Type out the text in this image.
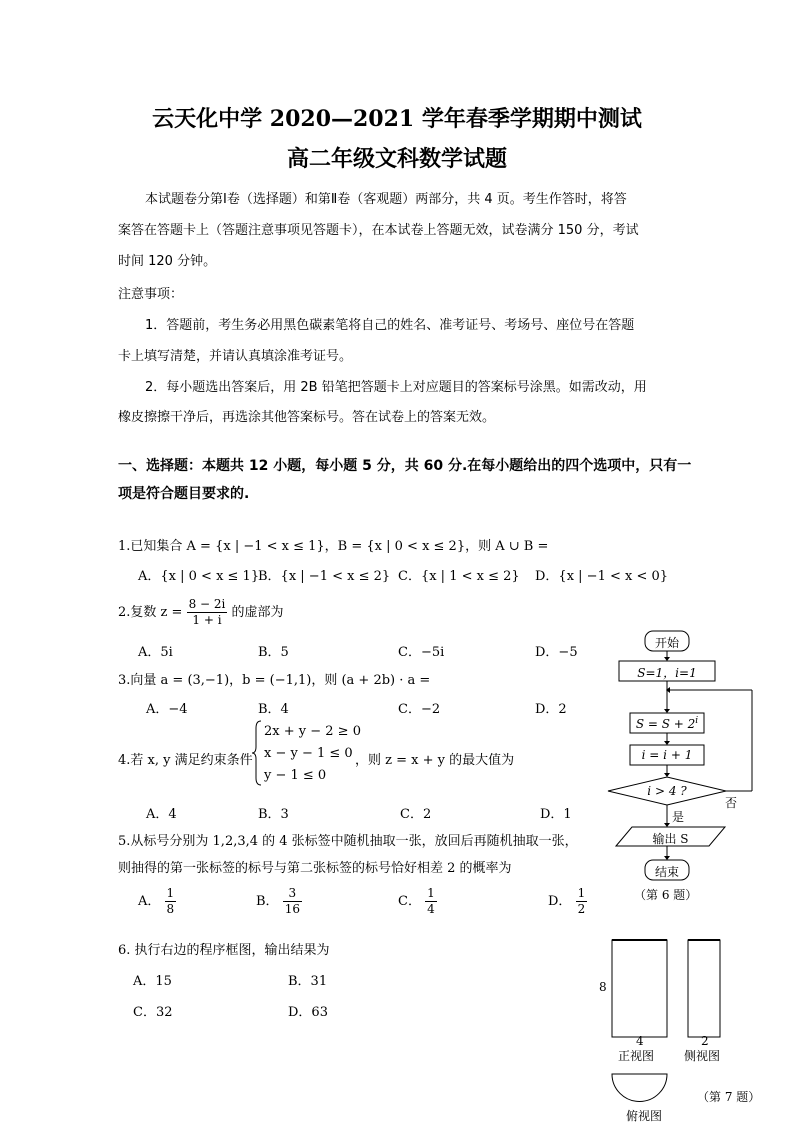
云天化中学 2020—2021 学年春季学期期中测试
高二年级文科数学试题
本试题卷分第Ⅰ卷（选择题）和第Ⅱ卷（客观题）两部分，共 4 页。考生作答时，将答
案答在答题卡上（答题注意事项见答题卡），在本试卷上答题无效，试卷满分 150 分，考试
时间 120 分钟。
注意事项：
1．答题前，考生务必用黑色碳素笔将自己的姓名、准考证号、考场号、座位号在答题
卡上填写清楚，并请认真填涂准考证号。
2．每小题选出答案后，用 2B 铅笔把答题卡上对应题目的答案标号涂黑。如需改动，用
橡皮擦擦干净后，再选涂其他答案标号。答在试卷上的答案无效。
一、选择题：本题共 12 小题，每小题 5 分，共 60 分.在每小题给出的四个选项中，只有一
项是符合题目要求的.
1.已知集合 A = {x | −1 < x ≤ 1}，B = {x | 0 < x ≤ 2}，则 A ∪ B =
A．{x | 0 < x ≤ 1}
B．{x | −1 < x ≤ 2} C．{x | 1 < x ≤ 2} D．{x | −1 < x < 0}
2.复数 $z = \frac{8 - 2i}{1 + i}$ 的虚部为
A．5i	B．5	C．−5i	D．−5
3.向量 a = (3,−1)，b = (−1,1)，则 (a + 2b) · a =
A．−4	B．4	C．−2	D．2
4.若 x, y 满足约束条件
2x + y − 2 ≥ 0
x − y − 1 ≤ 0
y − 1 ≤ 0
，则 z = x + y 的最大值为
A．4	B．3	C．2	D．1
5.从标号分别为 1,2,3,4 的 4 张标签中随机抽取一张，放回后再随机抽取一张，
则抽得的第一张标签的标号与第二张标签的标号恰好相差 2 的概率为
A． $\frac{1}{8}$	B． $\frac{3}{16}$	C． $\frac{1}{4}$	D． $\frac{1}{2}$
6. 执行右边的程序框图，输出结果为
A．15	B．31
C．32	D．63
开始
S=1，i=1
$S = S + 2^i$
i = i + 1
i > 4 ?
是
否
输出 S
结束
（第 6 题）
8
4	2
正视图 侧视图
（第 7 题）
俯视图
